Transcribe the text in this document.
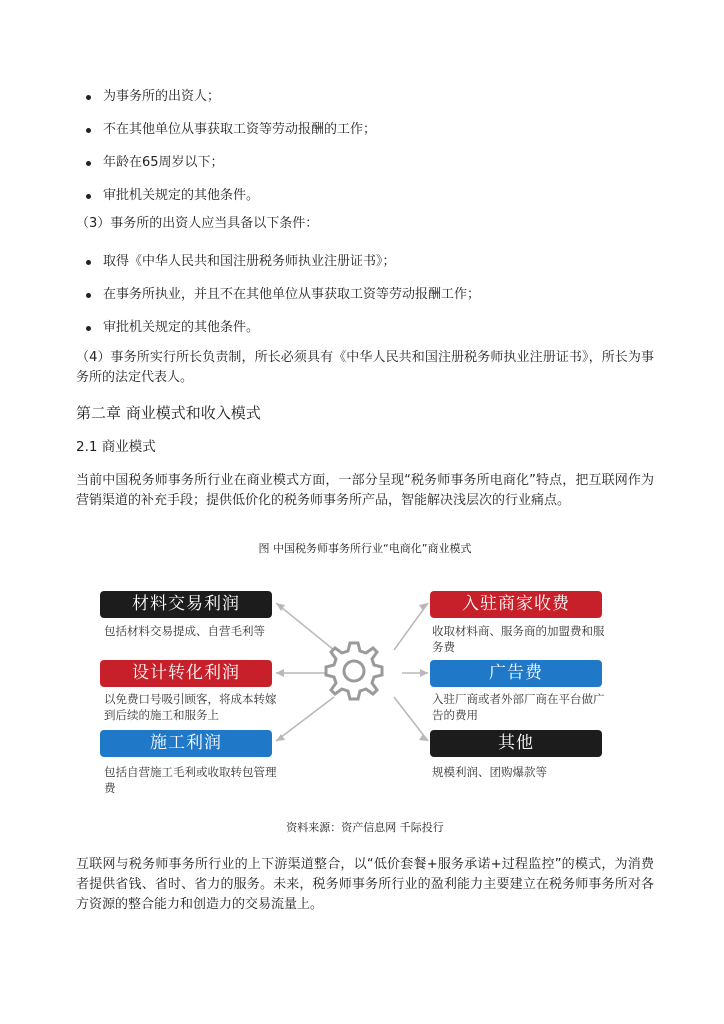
为事务所的出资人；
不在其他单位从事获取工资等劳动报酬的工作；
年龄在65周岁以下；
审批机关规定的其他条件。
（3）事务所的出资人应当具备以下条件：
取得《中华人民共和国注册税务师执业注册证书》；
在事务所执业，并且不在其他单位从事获取工资等劳动报酬工作；
审批机关规定的其他条件。
（4）事务所实行所长负责制，所长必须具有《中华人民共和国注册税务师执业注册证书》，所长为事务所的法定代表人。
第二章 商业模式和收入模式
2.1 商业模式
当前中国税务师事务所行业在商业模式方面，一部分呈现“税务师事务所电商化”特点，把互联网作为营销渠道的补充手段；提供低价化的税务师事务所产品，智能解决浅层次的行业痛点。
图 中国税务师事务所行业“电商化”商业模式
材料交易利润
包括材料交易提成、自营毛利等
设计转化利润
以免费口号吸引顾客，将成本转嫁到后续的施工和服务上
施工利润
包括自营施工毛利或收取转包管理费
入驻商家收费
收取材料商、服务商的加盟费和服务费
广告费
入驻厂商或者外部厂商在平台做广告的费用
其他
规模利润、团购爆款等
资料来源：资产信息网 千际投行
互联网与税务师事务所行业的上下游渠道整合，以“低价套餐+服务承诺+过程监控”的模式，为消费者提供省钱、省时、省力的服务。未来，税务师事务所行业的盈利能力主要建立在税务师事务所对各方资源的整合能力和创造力的交易流量上。
